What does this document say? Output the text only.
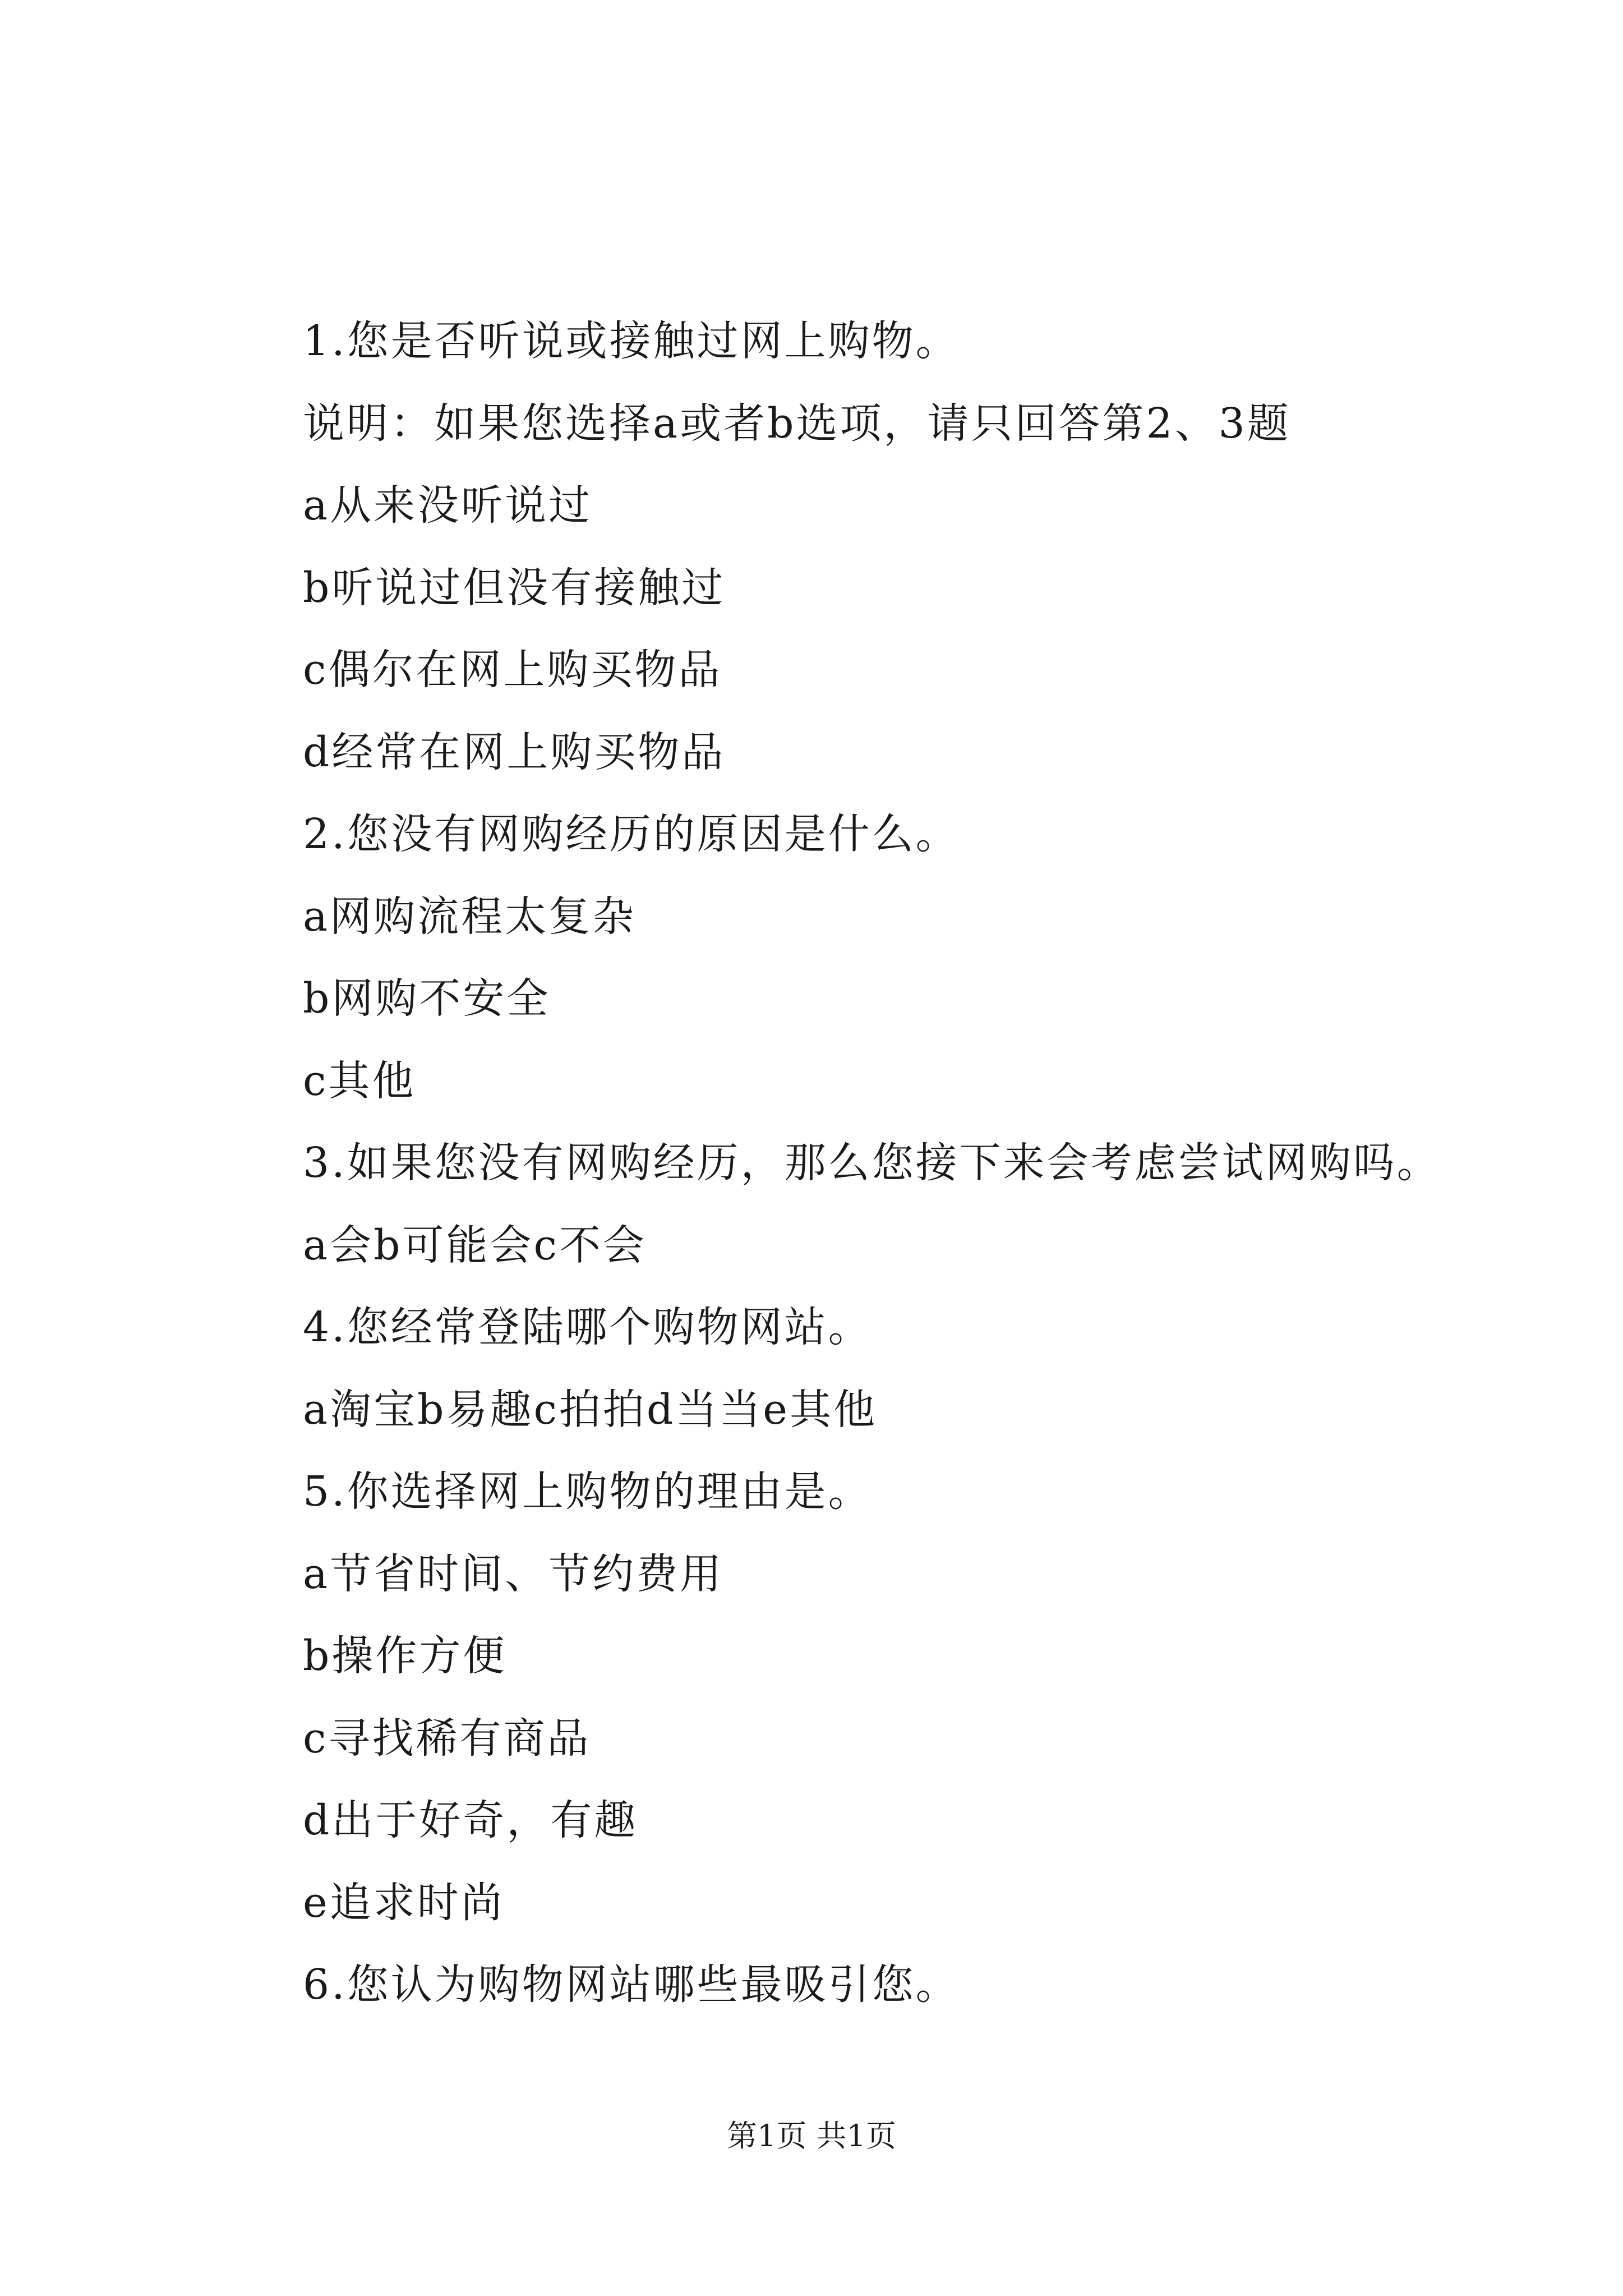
1.您是否听说或接触过网上购物。
说明：如果您选择a或者b选项，请只回答第2、3题
a从来没听说过
b听说过但没有接触过
c偶尔在网上购买物品
d经常在网上购买物品
2.您没有网购经历的原因是什么。
a网购流程太复杂
b网购不安全
c其他
3.如果您没有网购经历，那么您接下来会考虑尝试网购吗。
a会b可能会c不会
4.您经常登陆哪个购物网站。
a淘宝b易趣c拍拍d当当e其他
5.你选择网上购物的理由是。
a节省时间、节约费用
b操作方便
c寻找稀有商品
d出于好奇，有趣
e追求时尚
6.您认为购物网站哪些最吸引您。
第1页 共1页
